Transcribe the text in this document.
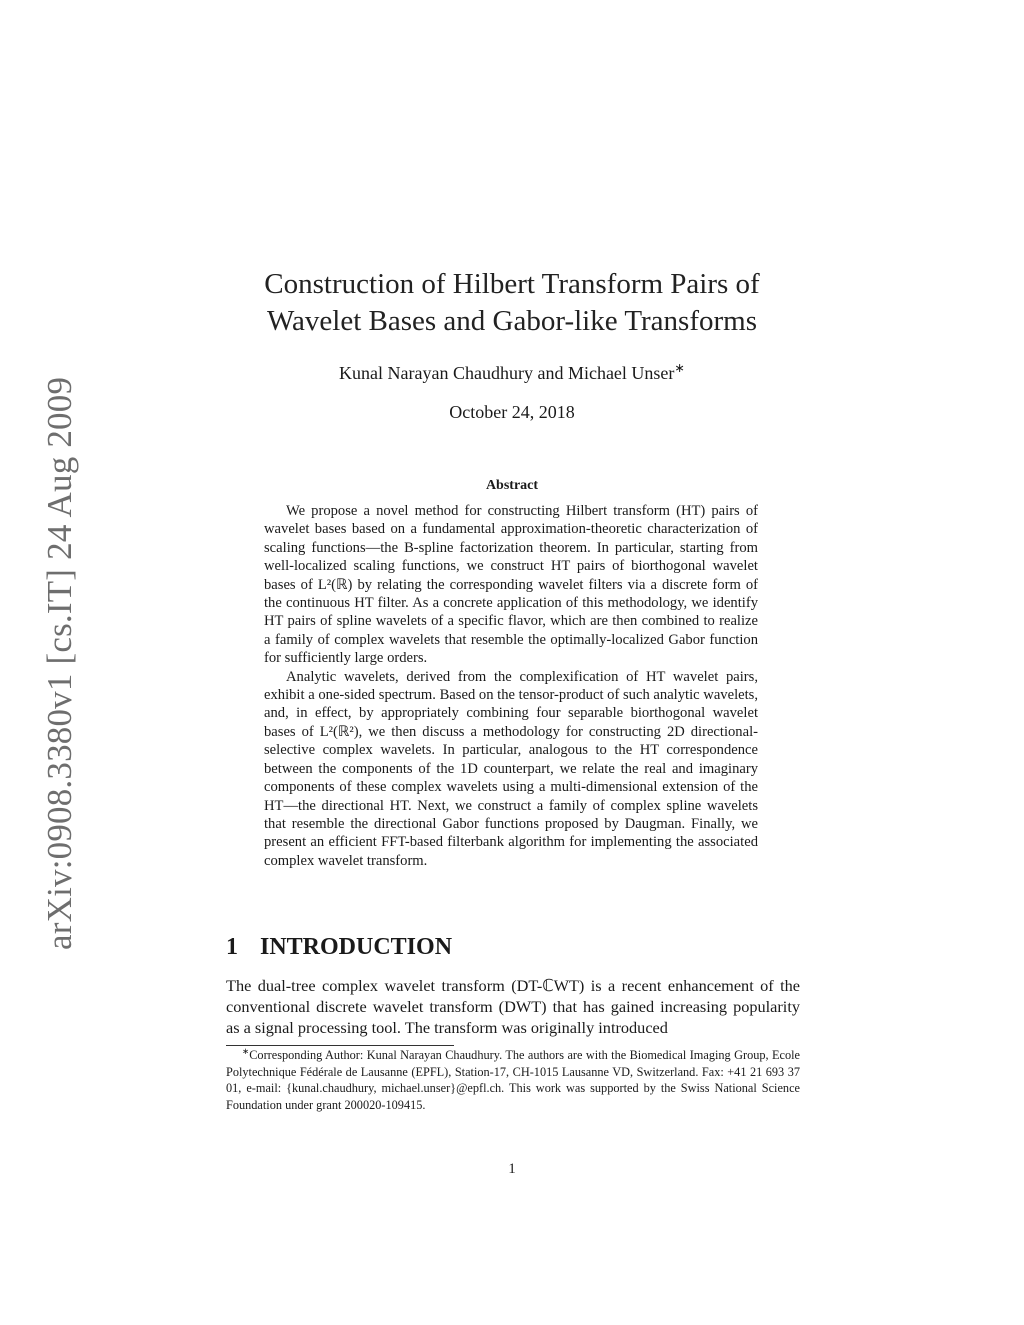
arXiv:0908.3380v1 [cs.IT] 24 Aug 2009
Construction of Hilbert Transform Pairs of
Wavelet Bases and Gabor-like Transforms
Kunal Narayan Chaudhury and Michael Unser∗
October 24, 2018
Abstract

We propose a novel method for constructing Hilbert transform (HT) pairs of wavelet bases based on a fundamental approximation-theoretic characterization of scaling functions—the B-spline factorization theorem. In particular, starting from well-localized scaling functions, we construct HT pairs of biorthogonal wavelet bases of L²(ℝ) by relating the corresponding wavelet filters via a discrete form of the continuous HT filter. As a concrete application of this methodology, we identify HT pairs of spline wavelets of a specific flavor, which are then combined to realize a family of complex wavelets that resemble the optimally-localized Gabor function for sufficiently large orders.

Analytic wavelets, derived from the complexification of HT wavelet pairs, exhibit a one-sided spectrum. Based on the tensor-product of such analytic wavelets, and, in effect, by appropriately combining four separable biorthogonal wavelet bases of L²(ℝ²), we then discuss a methodology for constructing 2D directional-selective complex wavelets. In particular, analogous to the HT correspondence between the components of the 1D counterpart, we relate the real and imaginary components of these complex wavelets using a multi-dimensional extension of the HT—the directional HT. Next, we construct a family of complex spline wavelets that resemble the directional Gabor functions proposed by Daugman. Finally, we present an efficient FFT-based filterbank algorithm for implementing the associated complex wavelet transform.

1 INTRODUCTION

The dual-tree complex wavelet transform (DT-ℂWT) is a recent enhancement of the conventional discrete wavelet transform (DWT) that has gained increasing popularity as a signal processing tool. The transform was originally introduced

∗Corresponding Author: Kunal Narayan Chaudhury. The authors are with the Biomedical Imaging Group, Ecole Polytechnique Fédérale de Lausanne (EPFL), Station-17, CH-1015 Lausanne VD, Switzerland. Fax: +41 21 693 37 01, e-mail: {kunal.chaudhury, michael.unser}@epfl.ch. This work was supported by the Swiss National Science Foundation under grant 200020-109415.

1
